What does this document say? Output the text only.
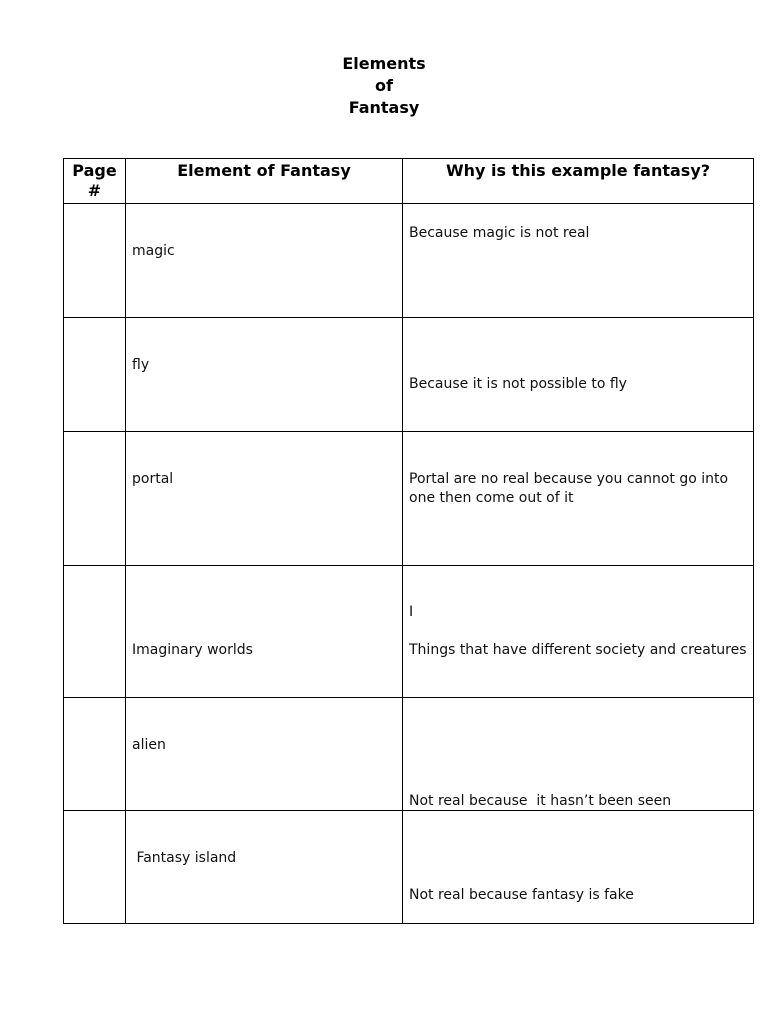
Elements
of
Fantasy
Page #	Element of Fantasy	Why is this example fantasy?

	magic	Because magic is not real

	fly	Because it is not possible to fly

	portal	Portal are no real because you cannot go into one then come out of it

	Imaginary worlds	I
Things that have different society and creatures

	alien	Not real because  it hasn’t been seen

	Fantasy island	Not real because fantasy is fake
